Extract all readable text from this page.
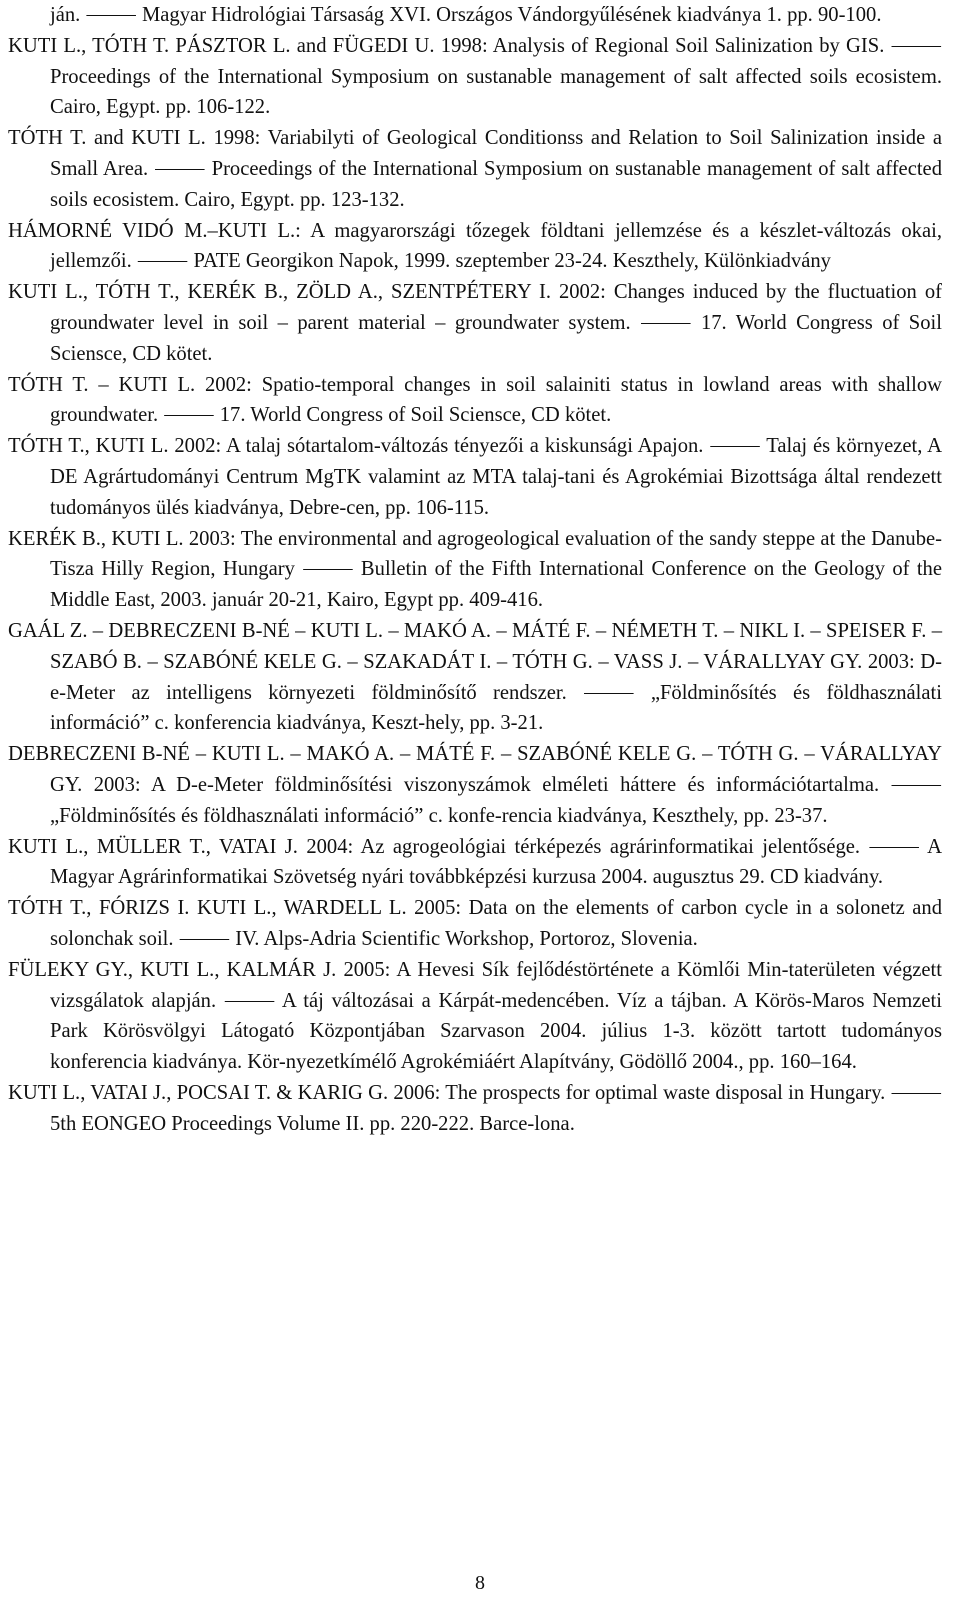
ján. ⸻ Magyar Hidrológiai Társaság XVI. Országos Vándorgyűlésének kiadványa 1. pp. 90-100.
KUTI L., TÓTH T. PÁSZTOR L. and FÜGEDI U. 1998: Analysis of Regional Soil Salinization by GIS. ⸻ Proceedings of the International Symposium on sustanable management of salt affected soils ecosistem. Cairo, Egypt. pp. 106-122.
TÓTH T. and KUTI L. 1998: Variabilyti of Geological Conditionss and Relation to Soil Salinization inside a Small Area. ⸻ Proceedings of the International Symposium on sustanable management of salt affected soils ecosistem. Cairo, Egypt. pp. 123-132.
HÁMORNÉ VIDÓ M.–KUTI L.: A magyarországi tőzegek földtani jellemzése és a készlet-változás okai, jellemzői. ⸻ PATE Georgikon Napok, 1999. szeptember 23-24. Keszthely, Különkiadvány
KUTI L., TÓTH T., KERÉK B., ZÖLD A., SZENTPÉTERY I. 2002: Changes induced by the fluctuation of groundwater level in soil – parent material – groundwater system. ⸻ 17. World Congress of Soil Sciensce, CD kötet.
TÓTH T. – KUTI L. 2002: Spatio-temporal changes in soil salainiti status in lowland areas with shallow groundwater. ⸻ 17. World Congress of Soil Sciensce, CD kötet.
TÓTH T., KUTI L. 2002: A talaj sótartalom-változás tényezői a kiskunsági Apajon. ⸻ Talaj és környezet, A DE Agrártudományi Centrum MgTK valamint az MTA talaj-tani és Agrokémiai Bizottsága által rendezett tudományos ülés kiadványa, Debre-cen, pp. 106-115.
KERÉK B., KUTI L. 2003: The environmental and agrogeological evaluation of the sandy steppe at the Danube-Tisza Hilly Region, Hungary ⸻ Bulletin of the Fifth International Conference on the Geology of the Middle East, 2003. január 20-21, Kairo, Egypt pp. 409-416.
GAÁL Z. – DEBRECZENI B-NÉ – KUTI L. – MAKÓ A. – MÁTÉ F. – NÉMETH T. – NIKL I. – SPEISER F. – SZABÓ B. – SZABÓNÉ KELE G. – SZAKADÁT I. – TÓTH G. – VASS J. – VÁRALLYAY GY. 2003: D-e-Meter az intelligens környezeti földminősítő rendszer. ⸻ „Földminősítés és földhasználati információ” c. konferencia kiadványa, Keszt-hely, pp. 3-21.
DEBRECZENI B-NÉ – KUTI L. – MAKÓ A. – MÁTÉ F. – SZABÓNÉ KELE G. – TÓTH G. – VÁRALLYAY GY. 2003: A D-e-Meter földminősítési viszonyszámok elméleti háttere és információtartalma. ⸻ „Földminősítés és földhasználati információ” c. konfe-rencia kiadványa, Keszthely, pp. 23-37.
KUTI L., MÜLLER T., VATAI J. 2004: Az agrogeológiai térképezés agrárinformatikai jelentősége. ⸻ A Magyar Agrárinformatikai Szövetség nyári továbbképzési kurzusa 2004. augusztus 29. CD kiadvány.
TÓTH T., FÓRIZS I. KUTI L., WARDELL L. 2005: Data on the elements of carbon cycle in a solonetz and solonchak soil. ⸻ IV. Alps-Adria Scientific Workshop, Portoroz, Slovenia.
FÜLEKY GY., KUTI L., KALMÁR J. 2005: A Hevesi Sík fejlődéstörténete a Kömlői Min-taterületen végzett vizsgálatok alapján. ⸻ A táj változásai a Kárpát-medencében. Víz a tájban. A Körös-Maros Nemzeti Park Körösvölgyi Látogató Központjában Szarvason 2004. július 1-3. között tartott tudományos konferencia kiadványa. Kör-nyezetkímélő Agrokémiáért Alapítvány, Gödöllő 2004., pp. 160–164.
KUTI L., VATAI J., POCSAI T. & KARIG G. 2006: The prospects for optimal waste disposal in Hungary. ⸻ 5th EONGEO Proceedings Volume II. pp. 220-222. Barce-lona.
8
